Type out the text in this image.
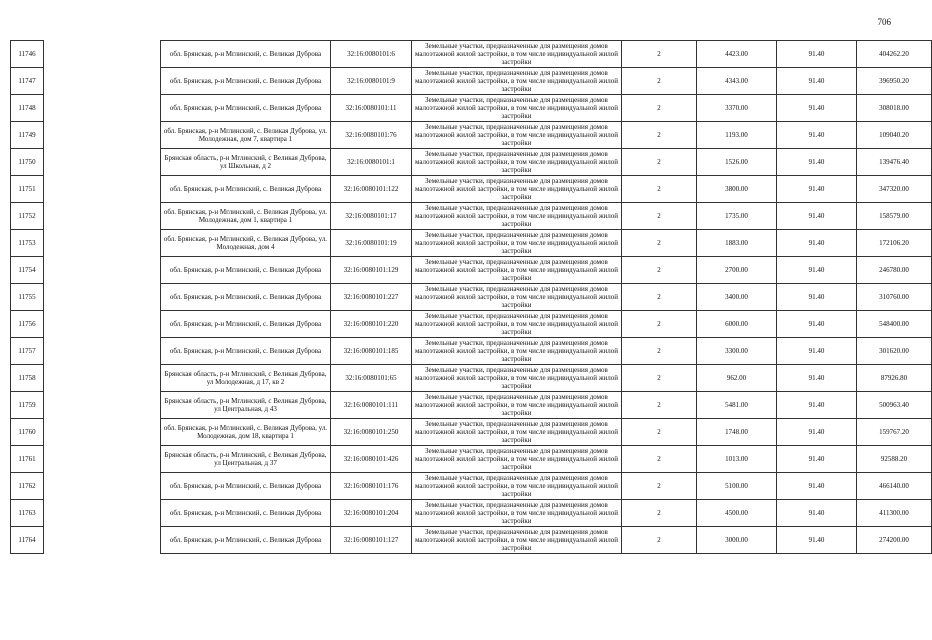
706
11746		обл. Брянская, р-н Мглинский, с. Великая Дуброва	32:16:0080101:6	Земельные участки, предназначенные для размещения домов малоэтажной жилой застройки, в том числе индивидуальной жилой застройки	2	4423.00	91.40	404262.20
11747		обл. Брянская, р-н Мглинский, с. Великая Дуброва	32:16:0080101:9	Земельные участки, предназначенные для размещения домов малоэтажной жилой застройки, в том числе индивидуальной жилой застройки	2	4343.00	91.40	396950.20
11748		обл. Брянская, р-н Мглинский, с. Великая Дуброва	32:16:0080101:11	Земельные участки, предназначенные для размещения домов малоэтажной жилой застройки, в том числе индивидуальной жилой застройки	2	3370.00	91.40	308018.00
11749		обл. Брянская, р-н Мглинский, с. Великая Дуброва, ул. Молодежная, дом 7, квартира 1	32:16:0080101:76	Земельные участки, предназначенные для размещения домов малоэтажной жилой застройки, в том числе индивидуальной жилой застройки	2	1193.00	91.40	109040.20
11750		Брянская область, р-н Мглинский, с Великая Дуброва, ул Школьная, д 2	32:16:0080101:1	Земельные участки, предназначенные для размещения домов малоэтажной жилой застройки, в том числе индивидуальной жилой застройки	2	1526.00	91.40	139476.40
11751		обл. Брянская, р-н Мглинский, с. Великая Дуброва	32:16:0080101:122	Земельные участки, предназначенные для размещения домов малоэтажной жилой застройки, в том числе индивидуальной жилой застройки	2	3800.00	91.40	347320.00
11752		обл. Брянская, р-н Мглинский, с. Великая Дуброва, ул. Молодежная, дом 1, квартира 1	32:16:0080101:17	Земельные участки, предназначенные для размещения домов малоэтажной жилой застройки, в том числе индивидуальной жилой застройки	2	1735.00	91.40	158579.00
11753		обл. Брянская, р-н Мглинский, с. Великая Дуброва, ул. Молодежная, дом 4	32:16:0080101:19	Земельные участки, предназначенные для размещения домов малоэтажной жилой застройки, в том числе индивидуальной жилой застройки	2	1883.00	91.40	172106.20
11754		обл. Брянская, р-н Мглинский, с. Великая Дуброва	32:16:0080101:129	Земельные участки, предназначенные для размещения домов малоэтажной жилой застройки, в том числе индивидуальной жилой застройки	2	2700.00	91.40	246780.00
11755		обл. Брянская, р-н Мглинский, с. Великая Дуброва	32:16:0080101:227	Земельные участки, предназначенные для размещения домов малоэтажной жилой застройки, в том числе индивидуальной жилой застройки	2	3400.00	91.40	310760.00
11756		обл. Брянская, р-н Мглинский, с. Великая Дуброва	32:16:0080101:220	Земельные участки, предназначенные для размещения домов малоэтажной жилой застройки, в том числе индивидуальной жилой застройки	2	6000.00	91.40	548400.00
11757		обл. Брянская, р-н Мглинский, с. Великая Дуброва	32:16:0080101:185	Земельные участки, предназначенные для размещения домов малоэтажной жилой застройки, в том числе индивидуальной жилой застройки	2	3300.00	91.40	301620.00
11758		Брянская область, р-н Мглинский, с Великая Дуброва, ул Молодежная, д 17, кв 2	32:16:0080101:65	Земельные участки, предназначенные для размещения домов малоэтажной жилой застройки, в том числе индивидуальной жилой застройки	2	962.00	91.40	87926.80
11759		Брянская область, р-н Мглинский, с Великая Дуброва, ул Центральная, д 43	32:16:0080101:111	Земельные участки, предназначенные для размещения домов малоэтажной жилой застройки, в том числе индивидуальной жилой застройки	2	5481.00	91.40	500963.40
11760		обл. Брянская, р-н Мглинский, с. Великая Дуброва, ул. Молодежная, дом 18, квартира 1	32:16:0080101:250	Земельные участки, предназначенные для размещения домов малоэтажной жилой застройки, в том числе индивидуальной жилой застройки	2	1748.00	91.40	159767.20
11761		Брянская область, р-н Мглинский, с Великая Дуброва, ул Центральная, д 37	32:16:0080101:426	Земельные участки, предназначенные для размещения домов малоэтажной жилой застройки, в том числе индивидуальной жилой застройки	2	1013.00	91.40	92588.20
11762		обл. Брянская, р-н Мглинский, с. Великая Дуброва	32:16:0080101:176	Земельные участки, предназначенные для размещения домов малоэтажной жилой застройки, в том числе индивидуальной жилой застройки	2	5100.00	91.40	466140.00
11763		обл. Брянская, р-н Мглинский, с. Великая Дуброва	32:16:0080101:204	Земельные участки, предназначенные для размещения домов малоэтажной жилой застройки, в том числе индивидуальной жилой застройки	2	4500.00	91.40	411300.00
11764		обл. Брянская, р-н Мглинский, с. Великая Дуброва	32:16:0080101:127	Земельные участки, предназначенные для размещения домов малоэтажной жилой застройки, в том числе индивидуальной жилой застройки	2	3000.00	91.40	274200.00
